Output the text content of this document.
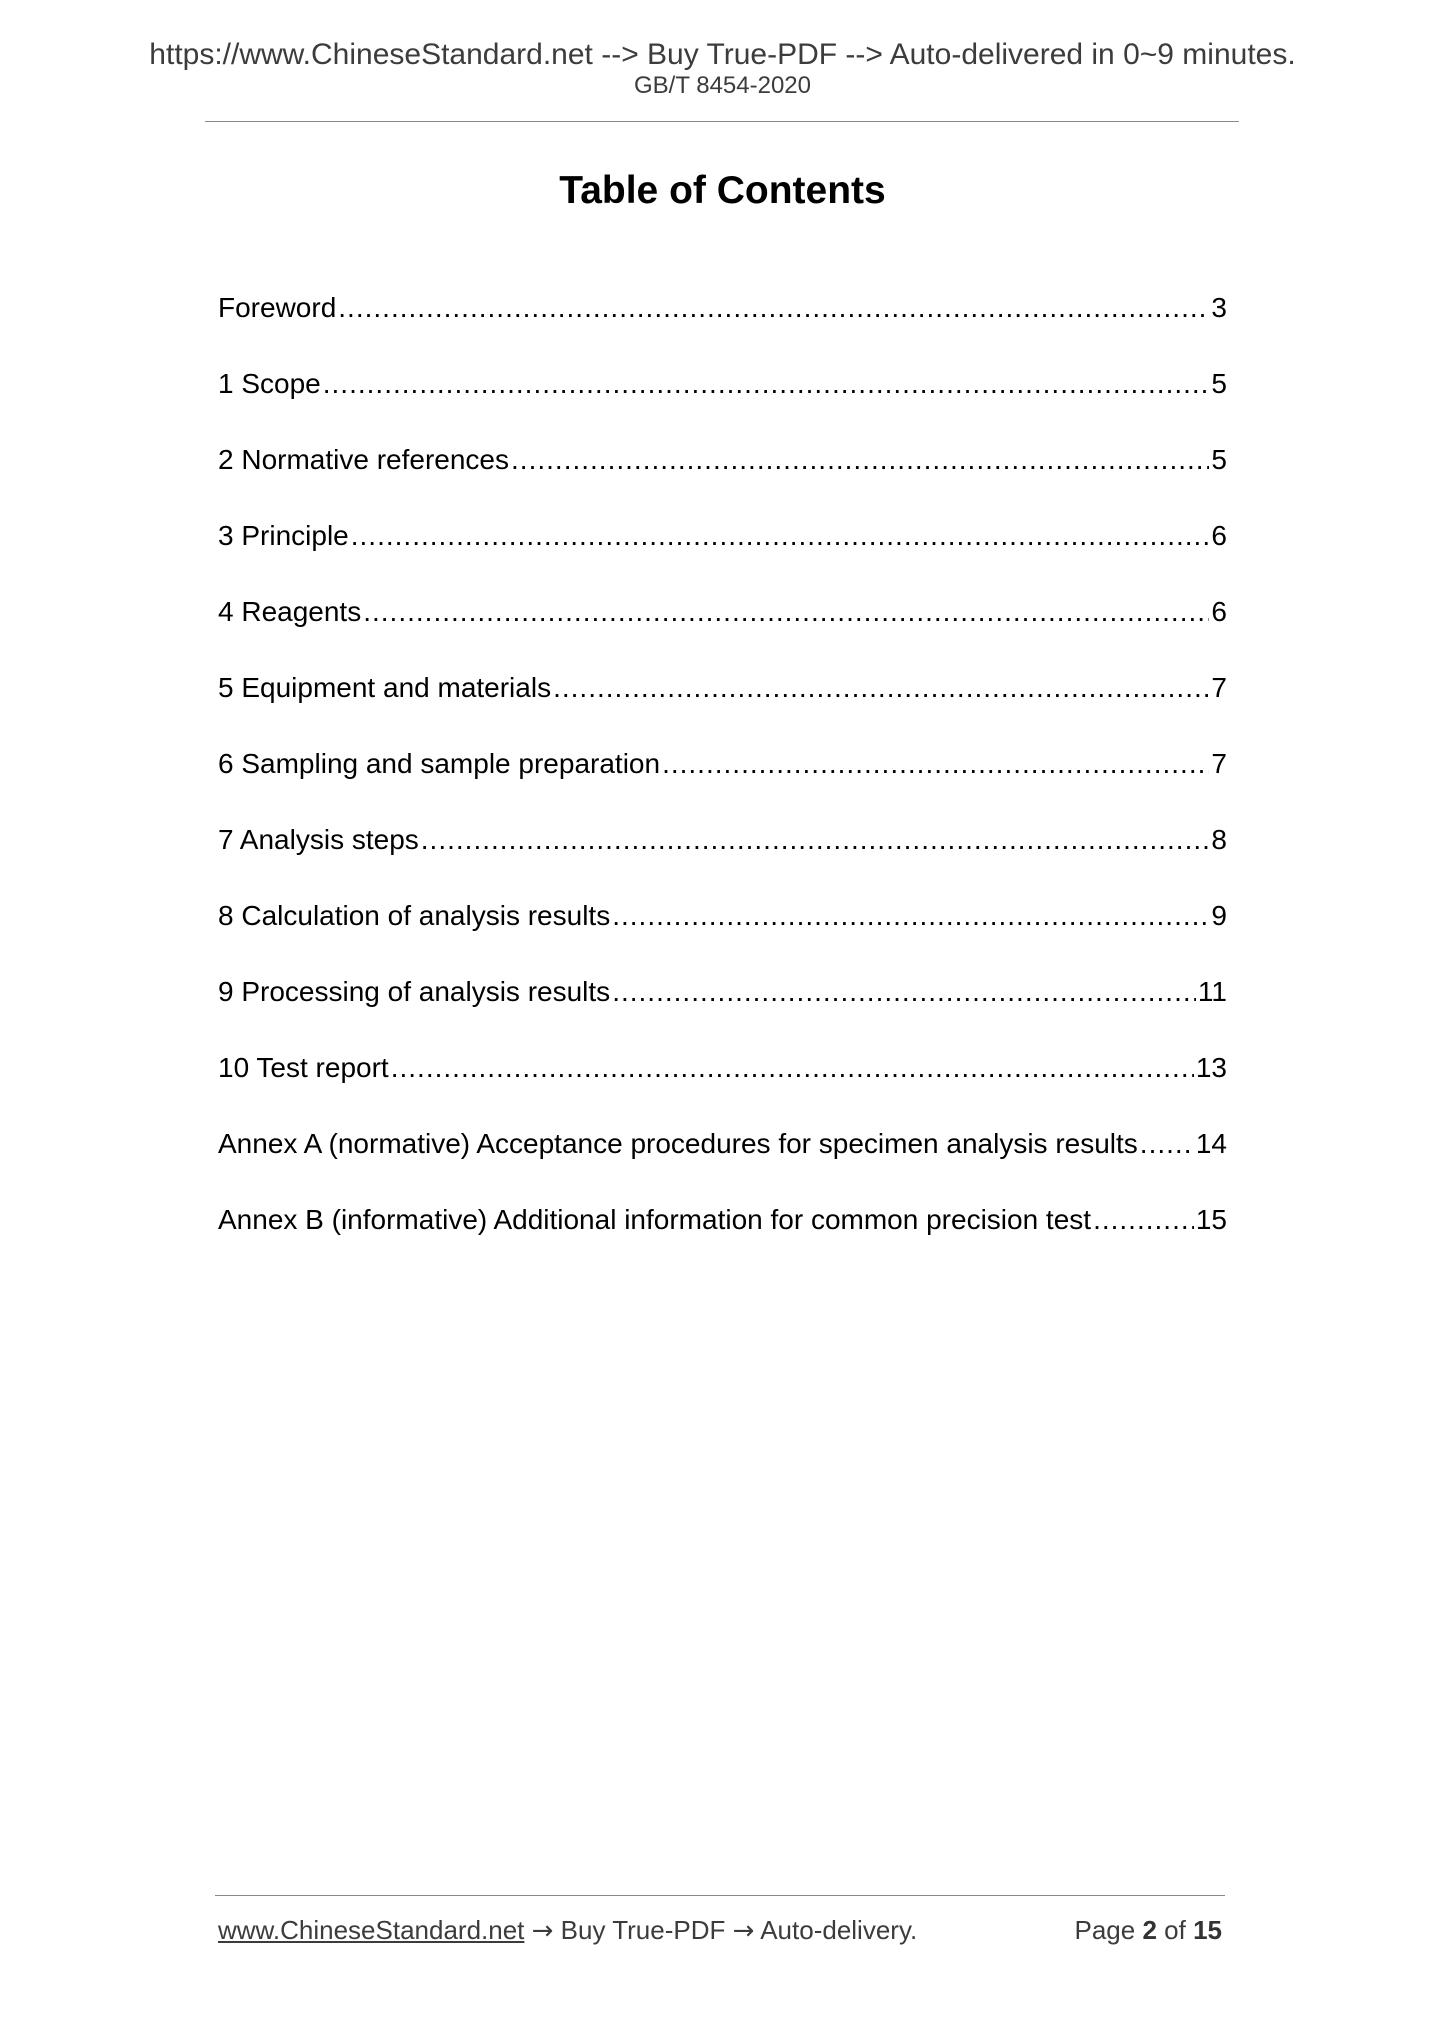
https://www.ChineseStandard.net --> Buy True-PDF --> Auto-delivered in 0~9 minutes.
GB/T 8454-2020
Table of Contents
Foreword .....	3
1 Scope .....	5
2 Normative references .....	5
3 Principle .....	6
4 Reagents .....	6
5 Equipment and materials .....	7
6 Sampling and sample preparation .....	7
7 Analysis steps .....	8
8 Calculation of analysis results .....	9
9 Processing of analysis results .....	11
10 Test report .....	13
Annex A (normative) Acceptance procedures for specimen analysis results ..... 14
Annex B (informative) Additional information for common precision test .....	15
www.ChineseStandard.net → Buy True-PDF → Auto-delivery.	Page 2 of 15
